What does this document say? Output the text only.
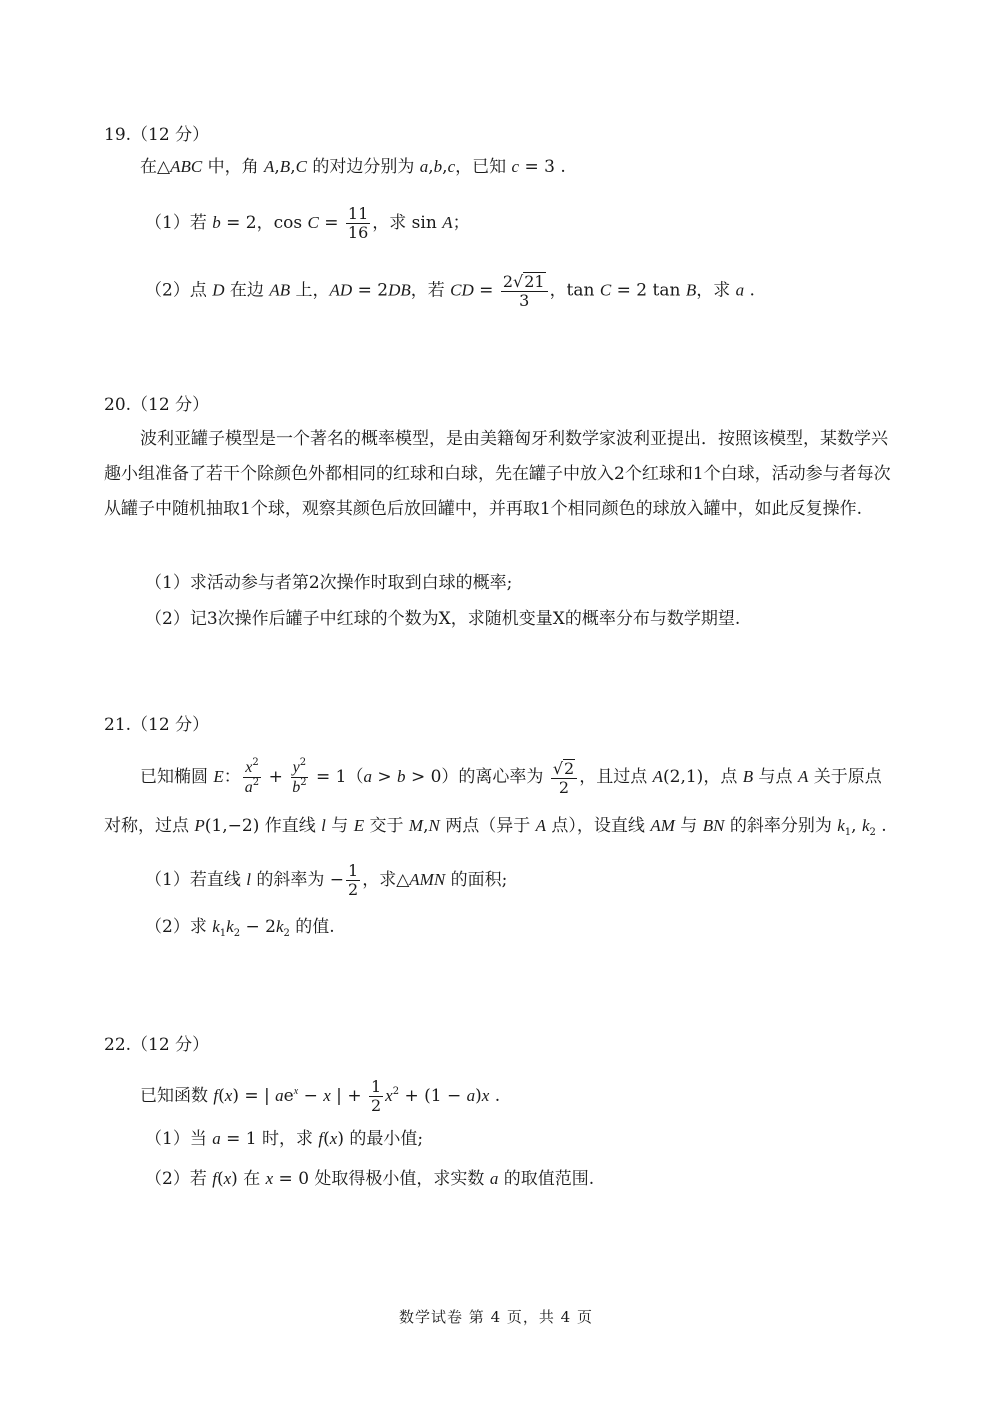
19.（12 分）
在△ABC 中，角 A,B,C 的对边分别为 a,b,c，已知 c = 3 .
（1）若 b = 2，$\cos C = \frac{11}{16}$ ，求 sin A；
（2）点 D 在边 AB 上，AD = 2DB，若 CD = $\frac{2√21}{3}$ ，tan C = 2 tan B，求 a .
20.（12 分）
波利亚罐子模型是一个著名的概率模型，是由美籍匈牙利数学家波利亚提出．按照该模型，某数学兴趣小组准备了若干个除颜色外都相同的红球和白球，先在罐子中放入2个红球和1个白球，活动参与者每次从罐子中随机抽取1个球，观察其颜色后放回罐中，并再取1个相同颜色的球放入罐中，如此反复操作.
（1）求活动参与者第2次操作时取到白球的概率;
（2）记3次操作后罐子中红球的个数为X，求随机变量X的概率分布与数学期望.
21.（12 分）
已知椭圆 E： $\frac{x^2}{a^2} + \frac{y^2}{b^2} = 1(a > b > 0)$的离心率为 $\frac{√2}{2}$ ，且过点 A(2,1)，点 B 与点 A 关于原点
对称，过点 P(1,−2) 作直线 l 与 E 交于 M,N 两点（异于 A 点），设直线 AM 与 BN 的斜率分别为 $k_1$, $k_2$ .
（1）若直线 l 的斜率为 − $\frac{1}{2}$ ，求△AMN 的面积;
（2）求 $k_1k_2 - 2k_2$ 的值.
22.（12 分）
已知函数 f(x) = | $ae^x - x$ | + $\frac{1}{2} x^2 + (1 - a)x$ .
（1）当 a = 1 时，求 f(x) 的最小值;
（2）若 f(x) 在 x = 0 处取得极小值，求实数 a 的取值范围.
数学试卷 第 4 页，共 4 页
